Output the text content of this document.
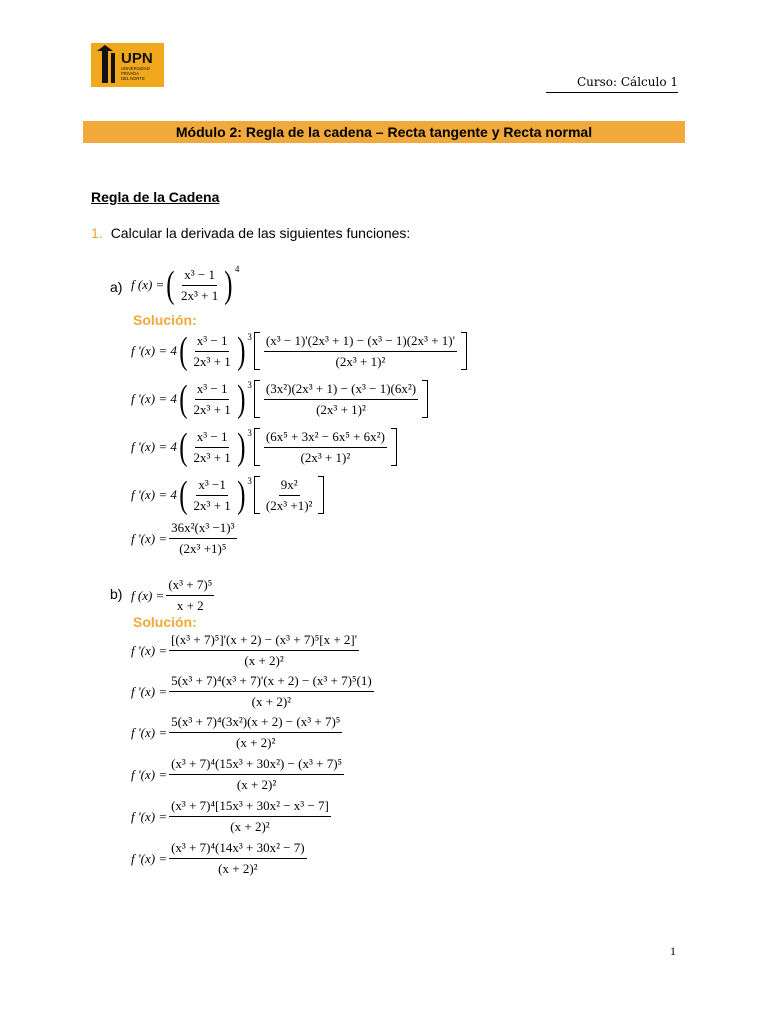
UPN
UNIVERSIDAD
PRIVADA
DEL NORTE	Curso: Cálculo 1
Módulo 2: Regla de la cadena – Recta tangente y Recta normal
Regla de la Cadena
1. Calcular la derivada de las siguientes funciones:
a) f (x) = ( $\frac{\text{x³ − 1}}{\text{2x³ + 1}} )^4$
Solución:
f '(x) = 4 ( $\frac{\text{x³ − 1}}{\text{2x³ + 1}} )^3 \frac{\text{(x³ − 1)'(2x³ + 1) − (x³ − 1)(2x³ + 1)'}}{\text{(2x³ + 1)²}}$
f '(x) = 4 ( $\frac{\text{x³ − 1}}{\text{2x³ + 1}} )^3 \frac{\text{(3x²)(2x³ + 1) − (x³ − 1)(6x²)}}{\text{(2x³ + 1)²}}$
f '(x) = 4 ( $\frac{\text{x³ − 1}}{\text{2x³ + 1}} )^3 \frac{\text{(6x⁵ + 3x² − 6x⁵ + 6x²)}}{\text{(2x³ + 1)²}}$
f '(x) = 4 ( $\frac{\text{x³ −1}}{\text{2x³ + 1}} )^3 \frac{\text{9x²}}{\text{(2x³ +1)²}}$
f '$(x) = \frac{\text{36x²(x³ −1)³}}{\text{(2x³ +1)⁵}}$
b) f $(x) = \frac{\text{(x³ + 7)⁵}}{x + 2}$
Solución:
f '$(x) = \frac{\text{[(x³ + 7)⁵]'(x + 2) − (x³ + 7)⁵[x + 2]'}}{\text{(x + 2)²}}$
f '$(x) = \frac{\text{5(x³ + 7)⁴(x³ + 7)'(x + 2) − (x³ + 7)⁵(1)}}{\text{(x + 2)²}}$
f '$(x) = \frac{\text{5(x³ + 7)⁴(3x²)(x + 2) − (x³ + 7)⁵}}{\text{(x + 2)²}}$
f '$(x) = \frac{\text{(x³ + 7)⁴(15x³ + 30x²) − (x³ + 7)⁵}}{\text{(x + 2)²}}$
f '$(x) = \frac{\text{(x³ + 7)⁴[15x³ + 30x² − x³ − 7]}}{\text{(x + 2)²}}$
f '$(x) = \frac{\text{(x³ + 7)⁴(14x³ + 30x² − 7)}}{\text{(x + 2)²}}$
1
